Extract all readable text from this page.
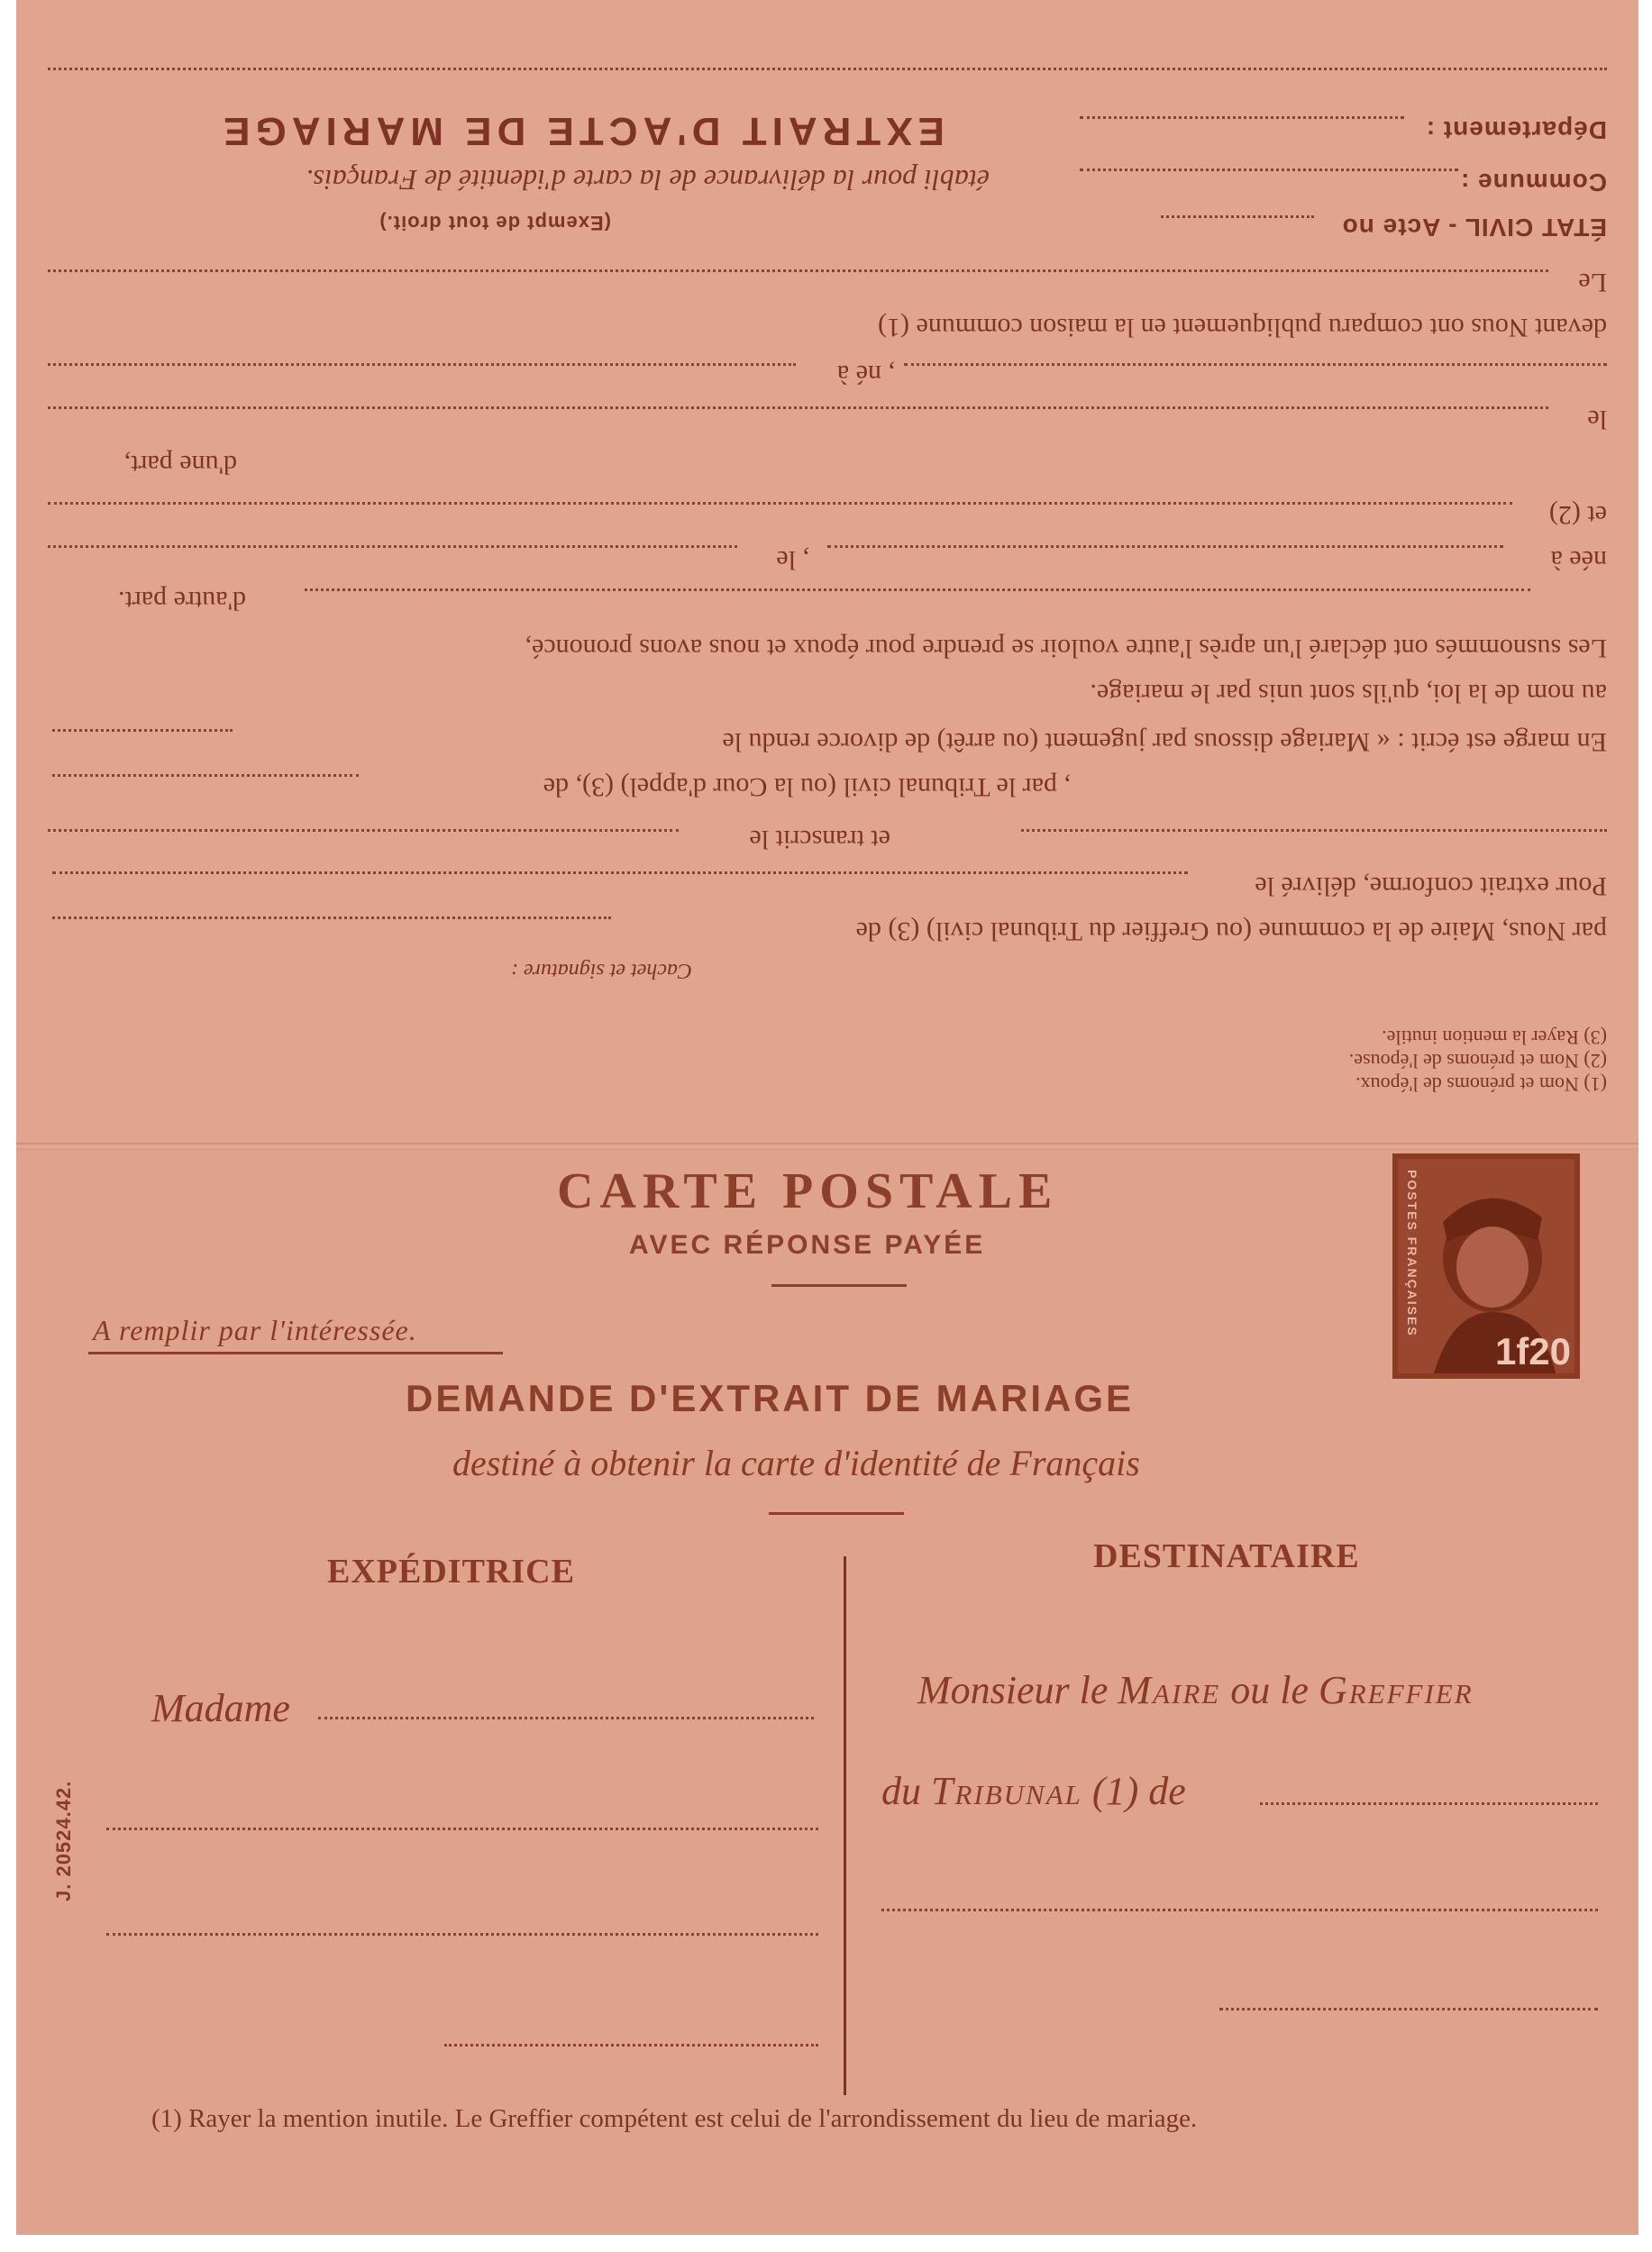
(1) Nom et prénoms de l'époux.
(2) Nom et prénoms de l'épouse.
(3) Rayer la mention inutile.
Cachet et signature :
par Nous, Maire de la commune (ou Greffier du Tribunal civil) (3) de
Pour extrait conforme, délivré le
et transcrit le
, par le Tribunal civil (ou la Cour d'appel) (3), de
En marge est écrit : « Mariage dissous par jugement (ou arrêt) de divorce rendu le
au nom de la loi, qu'ils sont unis par le mariage.
Les susnommés ont déclaré l'un après l'autre vouloir se prendre pour époux et nous avons prononcé,
d'autre part.
née à
, le
et (2)
d'une part,
le
, né à
devant Nous ont comparu publiquement en la maison commune (1)
Le
ÉTAT CIVIL - Acte no
(Exempt de tout droit.)
Commune :
établi pour la délivrance de la carte d'identité de Français.
Département :
EXTRAIT D'ACTE DE MARIAGE
POSTES FRANÇAISES
1f20
CARTE POSTALE
AVEC RÉPONSE PAYÉE
A remplir par l'intéressée.
DEMANDE D'EXTRAIT DE MARIAGE
destiné à obtenir la carte d'identité de Français
EXPÉDITRICE	DESTINATAIRE
Madame	Monsieur le Maire ou le Greffier
du Tribunal (1) de
(1) Rayer la mention inutile. Le Greffier compétent est celui de l'arrondissement du lieu de mariage.
J. 20524.42.
